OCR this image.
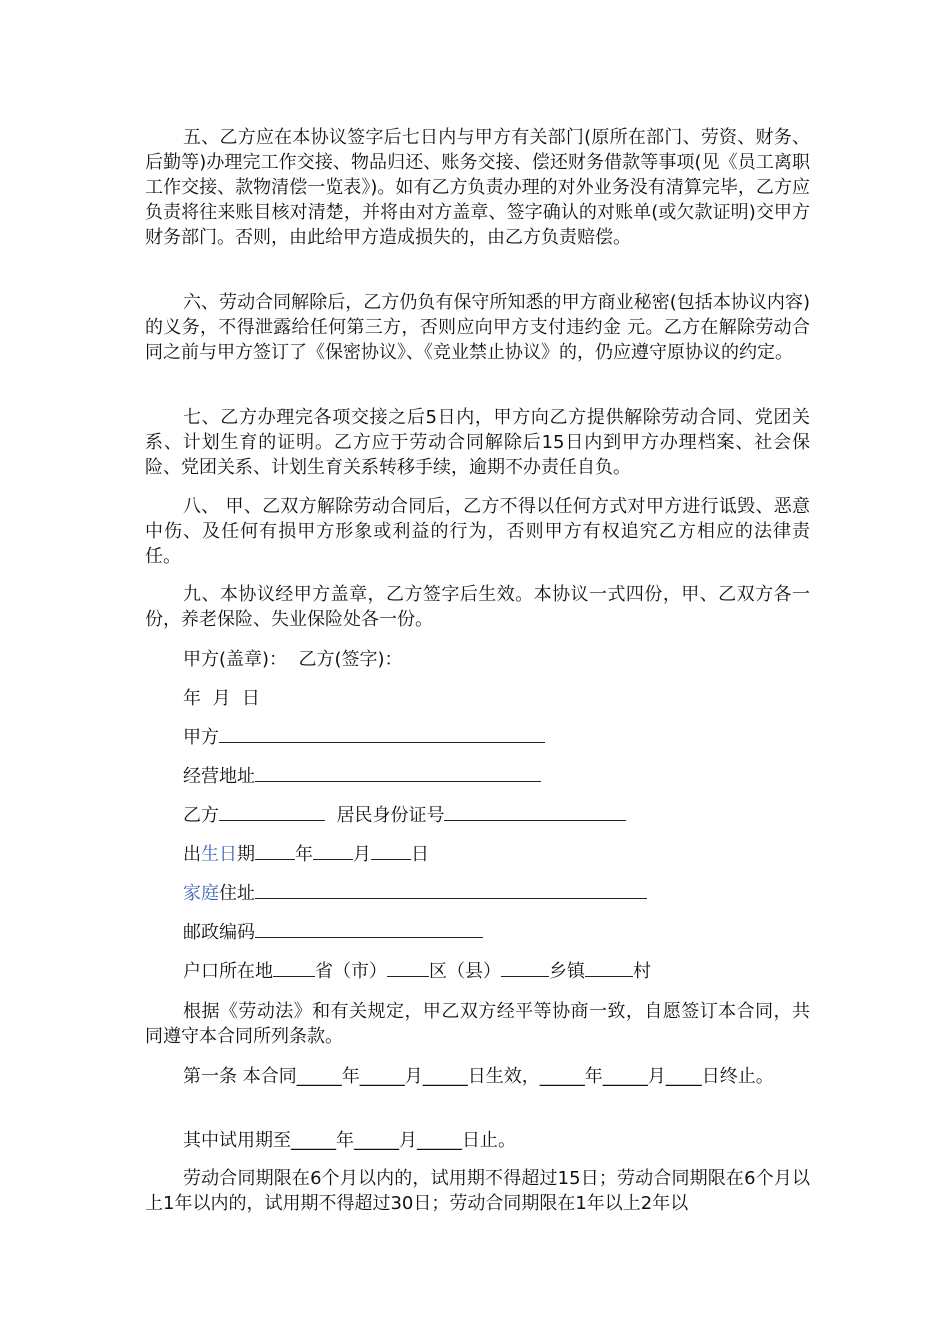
五、乙方应在本协议签字后七日内与甲方有关部门(原所在部门、劳资、财务、后勤等)办理完工作交接、物品归还、账务交接、偿还财务借款等事项(见《员工离职工作交接、款物清偿一览表》)。如有乙方负责办理的对外业务没有清算完毕，乙方应负责将往来账目核对清楚，并将由对方盖章、签字确认的对账单(或欠款证明)交甲方财务部门。否则，由此给甲方造成损失的，由乙方负责赔偿。

六、劳动合同解除后，乙方仍负有保守所知悉的甲方商业秘密(包括本协议内容)的义务，不得泄露给任何第三方，否则应向甲方支付违约金 元。乙方在解除劳动合同之前与甲方签订了《保密协议》、《竞业禁止协议》的，仍应遵守原协议的约定。

七、乙方办理完各项交接之后5日内，甲方向乙方提供解除劳动合同、党团关系、计划生育的证明。乙方应于劳动合同解除后15日内到甲方办理档案、社会保险、党团关系、计划生育关系转移手续，逾期不办责任自负。

八、 甲、乙双方解除劳动合同后，乙方不得以任何方式对甲方进行诋毁、恶意中伤、及任何有损甲方形象或利益的行为，否则甲方有权追究乙方相应的法律责任。

九、本协议经甲方盖章，乙方签字后生效。本协议一式四份，甲、乙双方各一份，养老保险、失业保险处各一份。

甲方(盖章)：  乙方(签字)：
年  月  日
甲方
经营地址
乙方	居民身份证号
出生日期 年 月 日
家庭住址
邮政编码
户口所在地 省（市） 区（县）	乡镇	村

根据《劳动法》和有关规定，甲乙双方经平等协商一致，自愿签订本合同，共同遵守本合同所列条款。

第一条 本合同_____年_____月_____日生效，_____年_____月____日终止。

其中试用期至_____年_____月_____日止。

劳动合同期限在6个月以内的，试用期不得超过15日；劳动合同期限在6个月以上1年以内的，试用期不得超过30日；劳动合同期限在1年以上2年以
